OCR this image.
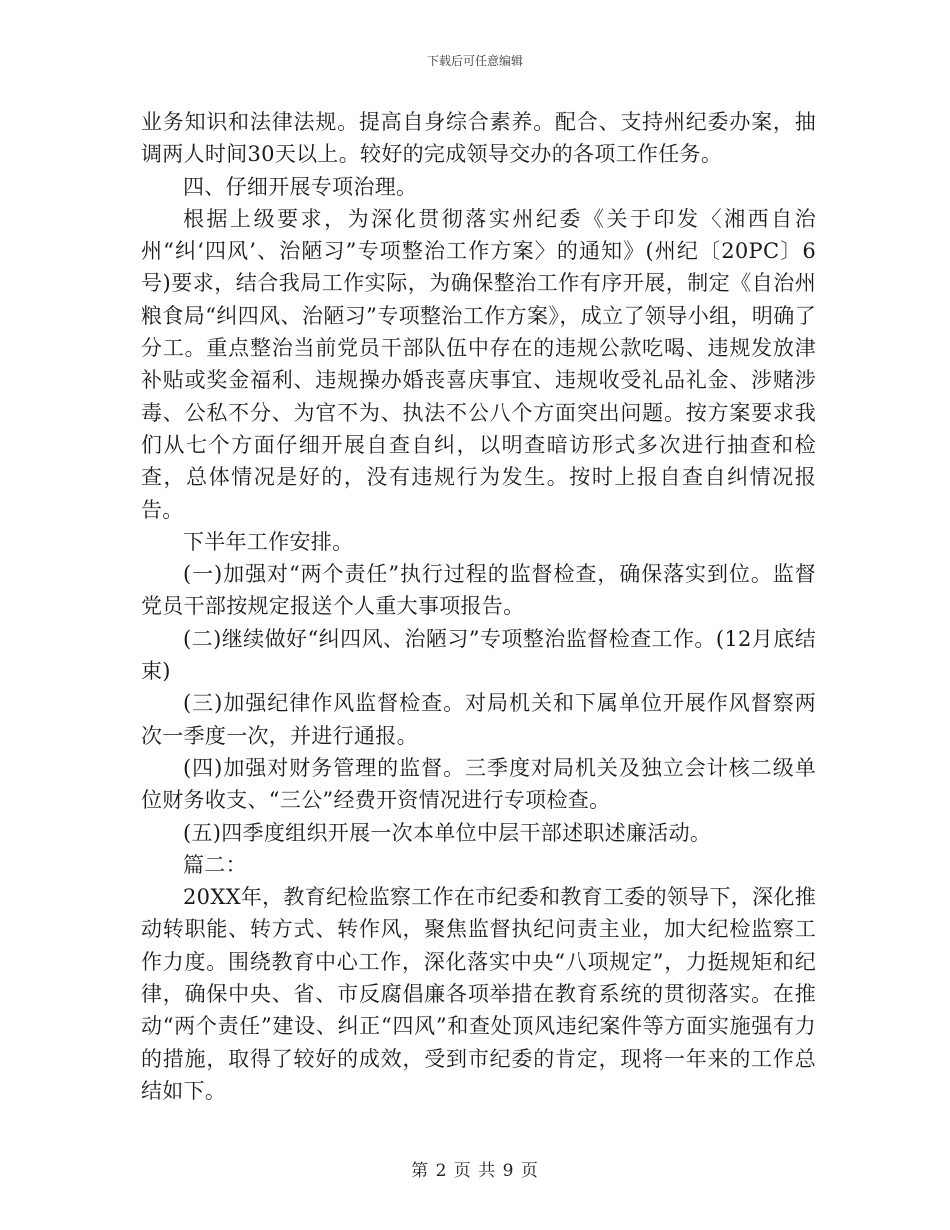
下载后可任意编辑

业务知识和法律法规。提高自身综合素养。配合、支持州纪委办案，抽调两人时间30天以上。较好的完成领导交办的各项工作任务。

四、仔细开展专项治理。

根据上级要求，为深化贯彻落实州纪委《关于印发〈湘西自治州“纠‘四风’、治陋习”专项整治工作方案〉的通知》(州纪〔20PC〕6号)要求，结合我局工作实际，为确保整治工作有序开展，制定《自治州粮食局“纠四风、治陋习”专项整治工作方案》，成立了领导小组，明确了分工。重点整治当前党员干部队伍中存在的违规公款吃喝、违规发放津补贴或奖金福利、违规操办婚丧喜庆事宜、违规收受礼品礼金、涉赌涉毒、公私不分、为官不为、执法不公八个方面突出问题。按方案要求我们从七个方面仔细开展自查自纠，以明查暗访形式多次进行抽查和检查，总体情况是好的，没有违规行为发生。按时上报自查自纠情况报告。

下半年工作安排。

(一)加强对“两个责任”执行过程的监督检查，确保落实到位。监督党员干部按规定报送个人重大事项报告。

(二)继续做好“纠四风、治陋习”专项整治监督检查工作。(12月底结束)

(三)加强纪律作风监督检查。对局机关和下属单位开展作风督察两次一季度一次，并进行通报。

(四)加强对财务管理的监督。三季度对局机关及独立会计核二级单位财务收支、“三公”经费开资情况进行专项检查。

(五)四季度组织开展一次本单位中层干部述职述廉活动。

篇二：

20XX年，教育纪检监察工作在市纪委和教育工委的领导下，深化推动转职能、转方式、转作风，聚焦监督执纪问责主业，加大纪检监察工作力度。围绕教育中心工作，深化落实中央“八项规定”，力挺规矩和纪律，确保中央、省、市反腐倡廉各项举措在教育系统的贯彻落实。在推动“两个责任”建设、纠正“四风”和查处顶风违纪案件等方面实施强有力的措施，取得了较好的成效，受到市纪委的肯定，现将一年来的工作总结如下。

第 2 页 共 9 页
